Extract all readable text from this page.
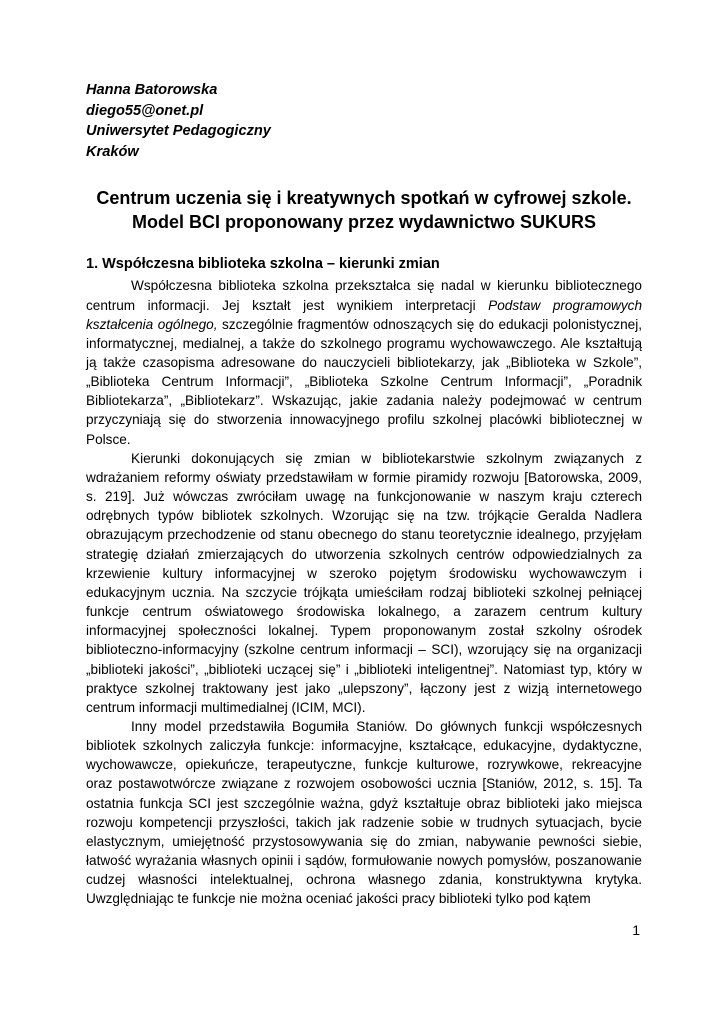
Hanna Batorowska
diego55@onet.pl
Uniwersytet Pedagogiczny
Kraków
Centrum uczenia się i kreatywnych spotkań w cyfrowej szkole.
Model BCI proponowany przez wydawnictwo SUKURS
1. Współczesna biblioteka szkolna – kierunki zmian

Współczesna biblioteka szkolna przekształca się nadal w kierunku bibliotecznego centrum informacji. Jej kształt jest wynikiem interpretacji Podstaw programowych kształcenia ogólnego, szczególnie fragmentów odnoszących się do edukacji polonistycznej, informatycznej, medialnej, a także do szkolnego programu wychowawczego. Ale kształtują ją także czasopisma adresowane do nauczycieli bibliotekarzy, jak „Biblioteka w Szkole”, „Biblioteka Centrum Informacji”, „Biblioteka Szkolne Centrum Informacji”, „Poradnik Bibliotekarza”, „Bibliotekarz”. Wskazując, jakie zadania należy podejmować w centrum przyczyniają się do stworzenia innowacyjnego profilu szkolnej placówki bibliotecznej w Polsce.

Kierunki dokonujących się zmian w bibliotekarstwie szkolnym związanych z wdrażaniem reformy oświaty przedstawiłam w formie piramidy rozwoju [Batorowska, 2009, s. 219]. Już wówczas zwróciłam uwagę na funkcjonowanie w naszym kraju czterech odrębnych typów bibliotek szkolnych. Wzorując się na tzw. trójkącie Geralda Nadlera obrazującym przechodzenie od stanu obecnego do stanu teoretycznie idealnego, przyjęłam strategię działań zmierzających do utworzenia szkolnych centrów odpowiedzialnych za krzewienie kultury informacyjnej w szeroko pojętym środowisku wychowawczym i edukacyjnym ucznia. Na szczycie trójkąta umieściłam rodzaj biblioteki szkolnej pełniącej funkcje centrum oświatowego środowiska lokalnego, a zarazem centrum kultury informacyjnej społeczności lokalnej. Typem proponowanym został szkolny ośrodek biblioteczno-informacyjny (szkolne centrum informacji – SCI), wzorujący się na organizacji „biblioteki jakości”, „biblioteki uczącej się” i „biblioteki inteligentnej”. Natomiast typ, który w praktyce szkolnej traktowany jest jako „ulepszony”, łączony jest z wizją internetowego centrum informacji multimedialnej (ICIM, MCI).

Inny model przedstawiła Bogumiła Staniów. Do głównych funkcji współczesnych bibliotek szkolnych zaliczyła funkcje: informacyjne, kształcące, edukacyjne, dydaktyczne, wychowawcze, opiekuńcze, terapeutyczne, funkcje kulturowe, rozrywkowe, rekreacyjne oraz postawotwórcze związane z rozwojem osobowości ucznia [Staniów, 2012, s. 15]. Ta ostatnia funkcja SCI jest szczególnie ważna, gdyż kształtuje obraz biblioteki jako miejsca rozwoju kompetencji przyszłości, takich jak radzenie sobie w trudnych sytuacjach, bycie elastycznym, umiejętność przystosowywania się do zmian, nabywanie pewności siebie, łatwość wyrażania własnych opinii i sądów, formułowanie nowych pomysłów, poszanowanie cudzej własności intelektualnej, ochrona własnego zdania, konstruktywna krytyka. Uwzględniając te funkcje nie można oceniać jakości pracy biblioteki tylko pod kątem

1
